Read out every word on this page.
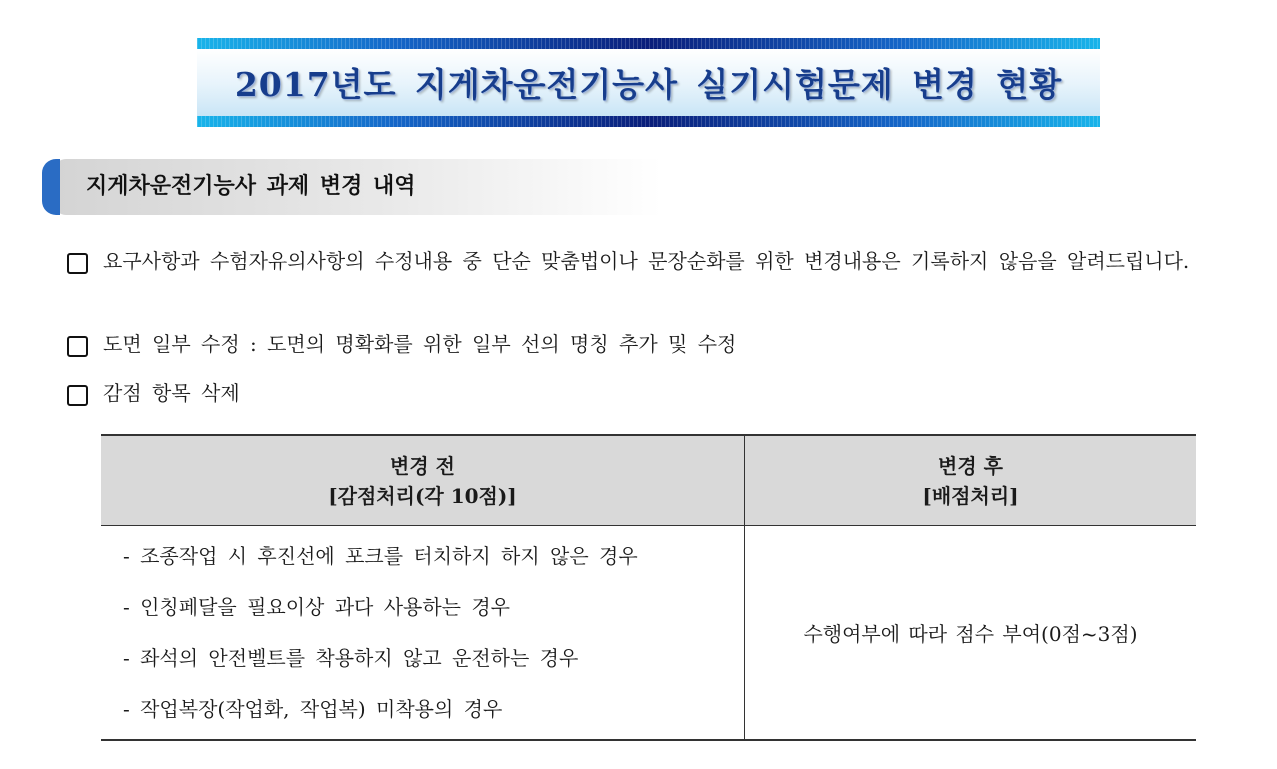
2017년도 지게차운전기능사 실기시험문제 변경 현황
지게차운전기능사 과제 변경 내역
요구사항과 수험자유의사항의 수정내용 중 단순 맞춤법이나 문장순화를 위한 변경내용은 기록하지 않음을 알려드립니다.
도면 일부 수정 : 도면의 명확화를 위한 일부 선의 명칭 추가 및 수정
감점 항목 삭제
변경 전
[감점처리(각 10점)]
변경 후
[배점처리]
- 조종작업 시 후진선에 포크를 터치하지 하지 않은 경우
- 인칭페달을 필요이상 과다 사용하는 경우
- 좌석의 안전벨트를 착용하지 않고 운전하는 경우
- 작업복장(작업화, 작업복) 미착용의 경우
수행여부에 따라 점수 부여(0점~3점)
